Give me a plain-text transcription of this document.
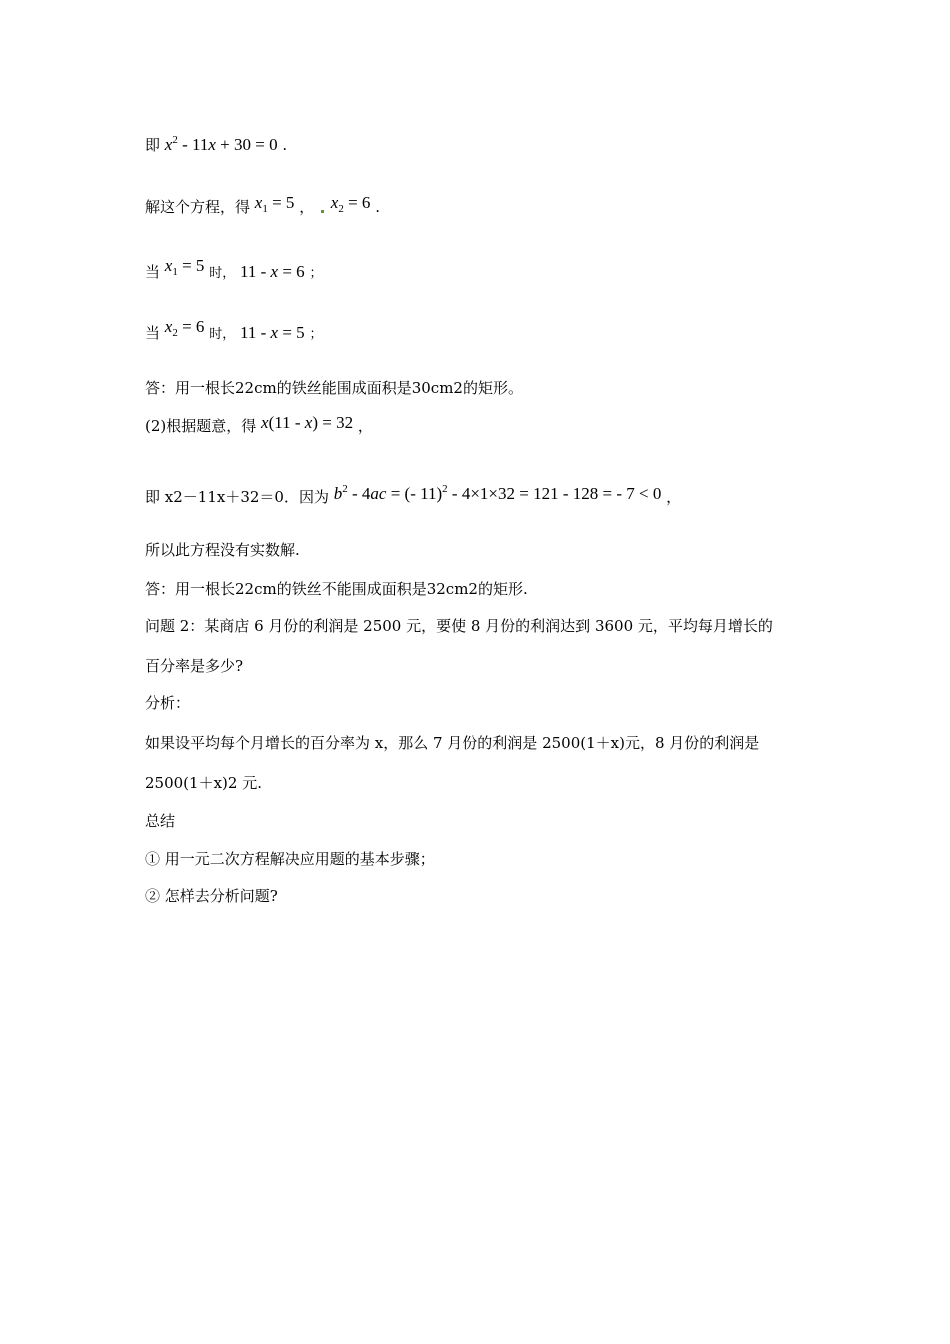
即 $x^2 - 11x + 30 = 0$ .
解这个方程，得 $x_1 = 5$ ， $x_2 = 6$ .
当 $x_1 = 5$ 时， 11 - x = 6 ；
当 $x_2 = 6$ 时， 11 - x = 5 ；
答：用一根长22cm的铁丝能围成面积是30cm2的矩形。
(2)根据题意，得 x(11 - x) = 32 ，
即 x2－11x＋32＝0．因为 $b^2 - 4ac$ = (- 11)$^2$ - 4×1×32 = 121 - 128 = - 7 < 0 ，
所以此方程没有实数解.
答：用一根长22cm的铁丝不能围成面积是32cm2的矩形.
问题 2：某商店 6 月份的利润是 2500 元，要使 8 月份的利润达到 3600 元，平均每月增长的
百分率是多少?
分析：
如果设平均每个月增长的百分率为 x，那么 7 月份的利润是 2500(1＋x)元，8 月份的利润是
2500(1＋x)2 元.
总结
① 用一元二次方程解决应用题的基本步骤；
② 怎样去分析问题?
